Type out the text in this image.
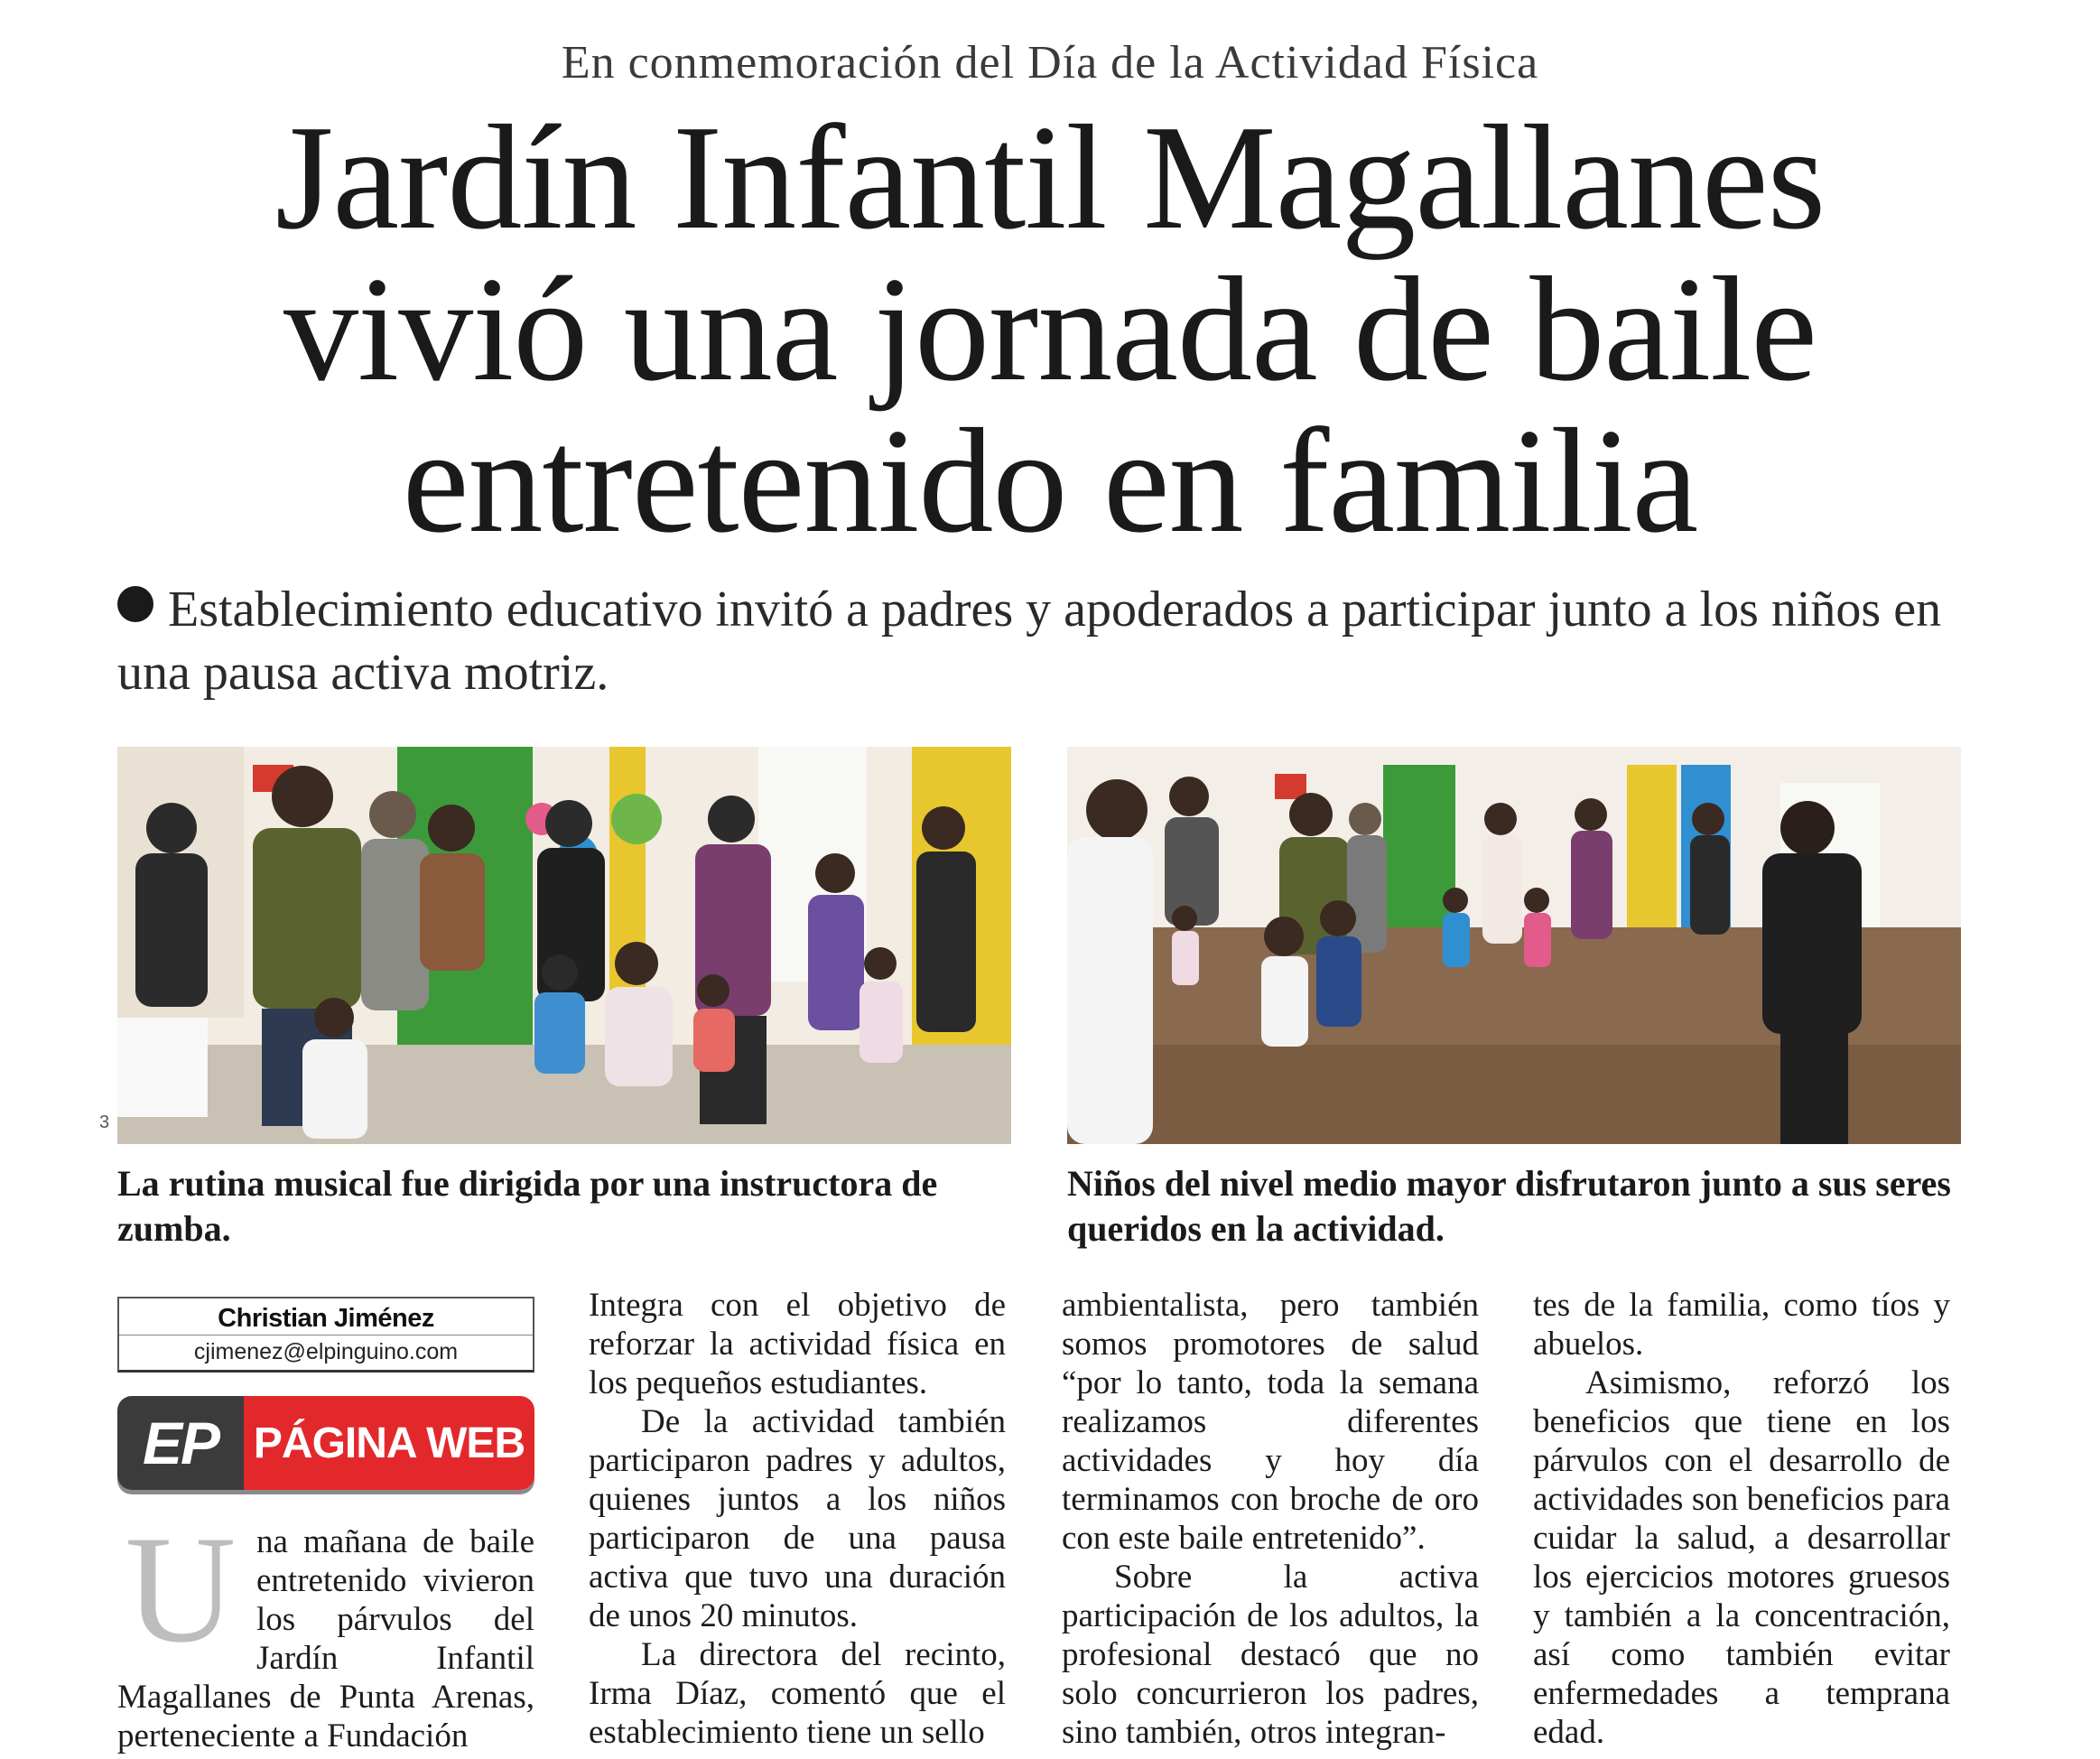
En conmemoración del Día de la Actividad Física
Jardín Infantil Magallanes vivió una jornada de baile entretenido en familia
Establecimiento educativo invitó a padres y apoderados a participar junto a los niños en una pausa activa motriz.
3
La rutina musical fue dirigida por una instructora de zumba.
Niños del nivel medio mayor disfrutaron junto a sus seres queridos en la actividad.
Christian Jiménez
cjimenez@elpinguino.com
EP PÁGINA WEB
U na mañana de baile entretenido vivieron los párvulos del Jardín Infantil Magallanes de Punta Arenas, perteneciente a Fundación

Integra con el objetivo de reforzar la actividad física en los pequeños estudiantes.

De la actividad también participaron padres y adultos, quienes juntos a los niños participaron de una pausa activa que tuvo una duración de unos 20 minutos.

La directora del recinto, Irma Díaz, comentó que el establecimiento tiene un sello

ambientalista, pero también somos promotores de salud “por lo tanto, toda la semana realizamos diferentes actividades y hoy día terminamos con broche de oro con este baile entretenido”.

Sobre la activa participación de los adultos, la profesional destacó que no solo concurrieron los padres, sino también, otros integran-

tes de la familia, como tíos y abuelos.

Asimismo, reforzó los beneficios que tiene en los párvulos con el desarrollo de actividades son beneficios para cuidar la salud, a desarrollar los ejercicios motores gruesos y también a la concentración, así como también evitar enfermedades a temprana edad.
